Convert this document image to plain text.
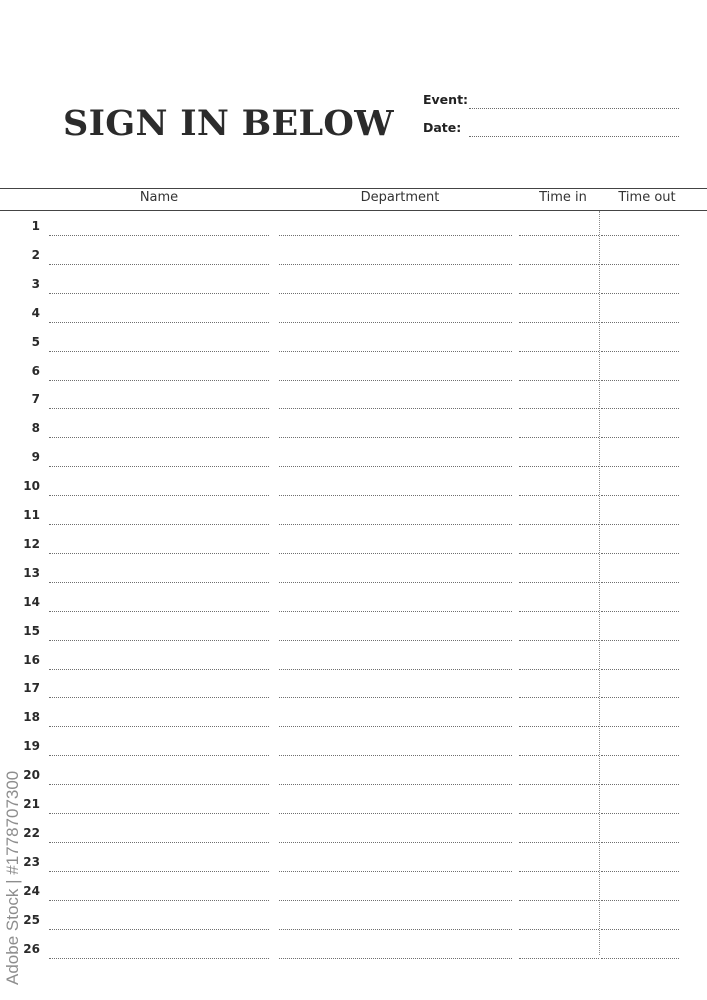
SIGN IN BELOW
Event:
Date:
Name	Department	Time in	Time out
1
2
3
4
5
6
7
8
9
10
11
12
13
14
15
16
17
18
19
20
21
22
23
24
25
26
Adobe Stock | #1778707300
